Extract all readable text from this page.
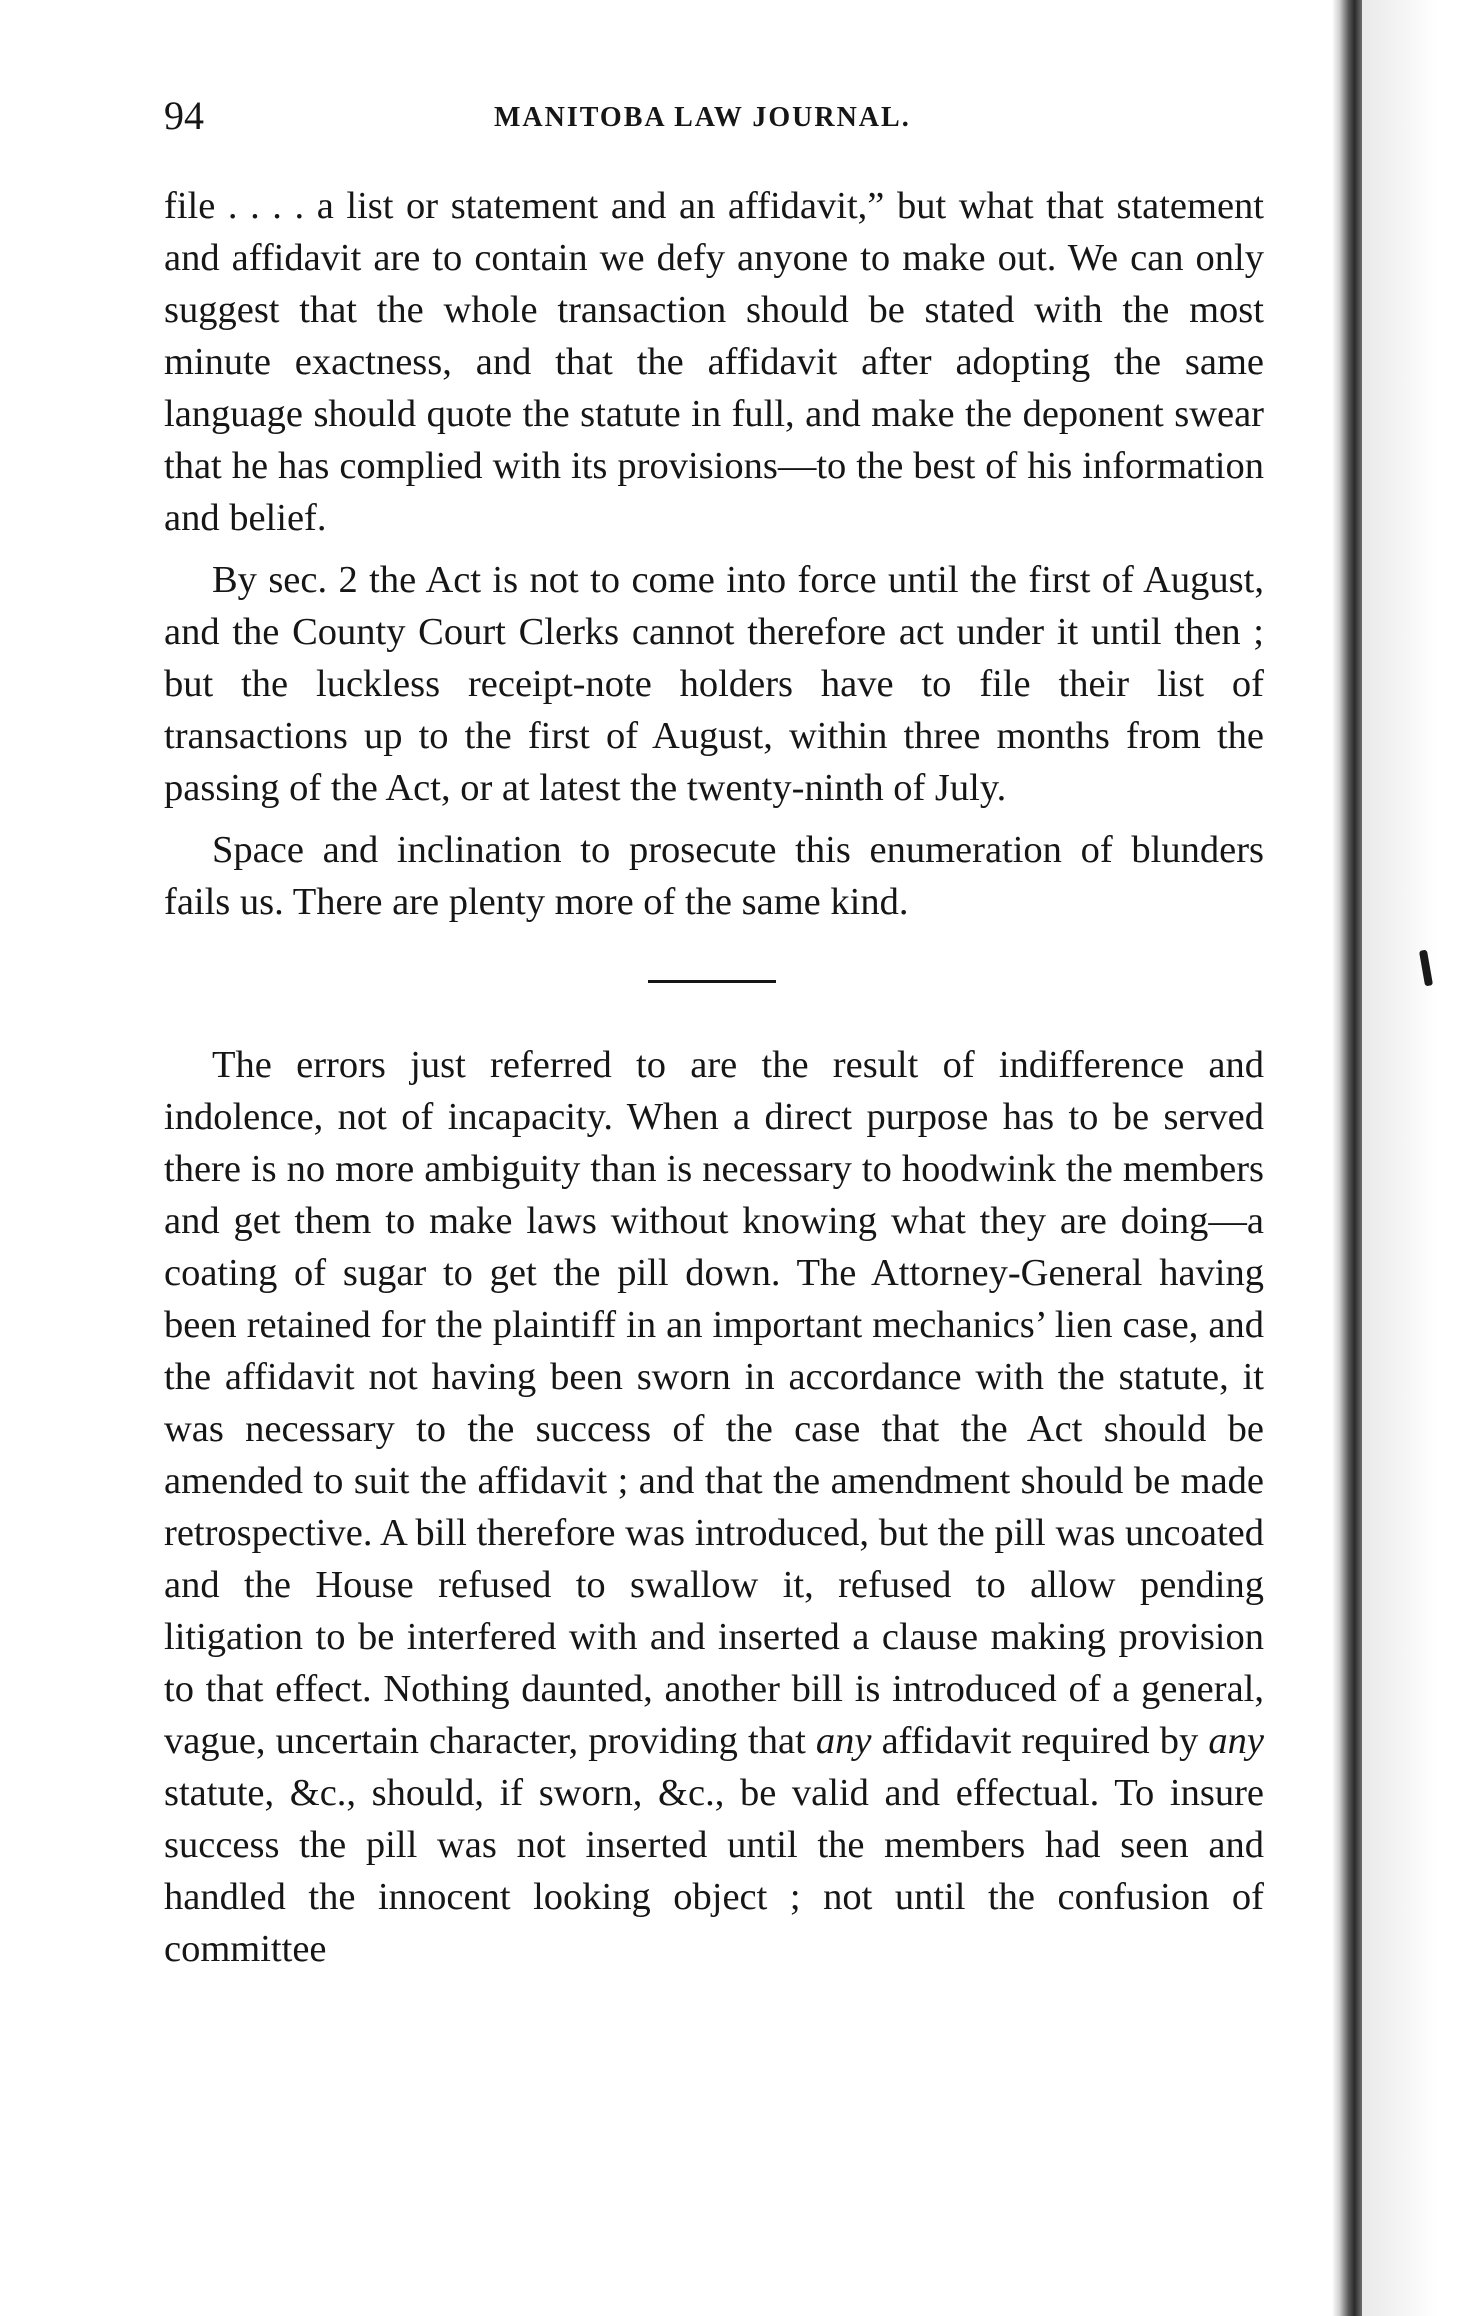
94	MANITOBA LAW JOURNAL.

file . . . . a list or statement and an affidavit,” but what that statement and affidavit are to contain we defy anyone to make out. We can only suggest that the whole transaction should be stated with the most minute exactness, and that the affidavit after adopting the same language should quote the statute in full, and make the deponent swear that he has complied with its provisions—to the best of his information and belief.

By sec. 2 the Act is not to come into force until the first of August, and the County Court Clerks cannot therefore act under it until then ; but the luckless receipt-note holders have to file their list of transactions up to the first of August, within three months from the passing of the Act, or at latest the twenty-ninth of July.

Space and inclination to prosecute this enumeration of blunders fails us. There are plenty more of the same kind.

The errors just referred to are the result of indifference and indolence, not of incapacity. When a direct purpose has to be served there is no more ambiguity than is necessary to hoodwink the members and get them to make laws without knowing what they are doing—a coating of sugar to get the pill down. The Attorney-General having been retained for the plaintiff in an important mechanics’ lien case, and the affidavit not having been sworn in accordance with the statute, it was necessary to the success of the case that the Act should be amended to suit the affidavit ; and that the amendment should be made retrospective. A bill therefore was introduced, but the pill was uncoated and the House refused to swallow it, refused to allow pending litigation to be interfered with and inserted a clause making provision to that effect. Nothing daunted, another bill is introduced of a general, vague, uncertain character, providing that any affidavit required by any statute, &c., should, if sworn, &c., be valid and effectual. To insure success the pill was not inserted until the members had seen and handled the innocent looking object ; not until the confusion of committee
